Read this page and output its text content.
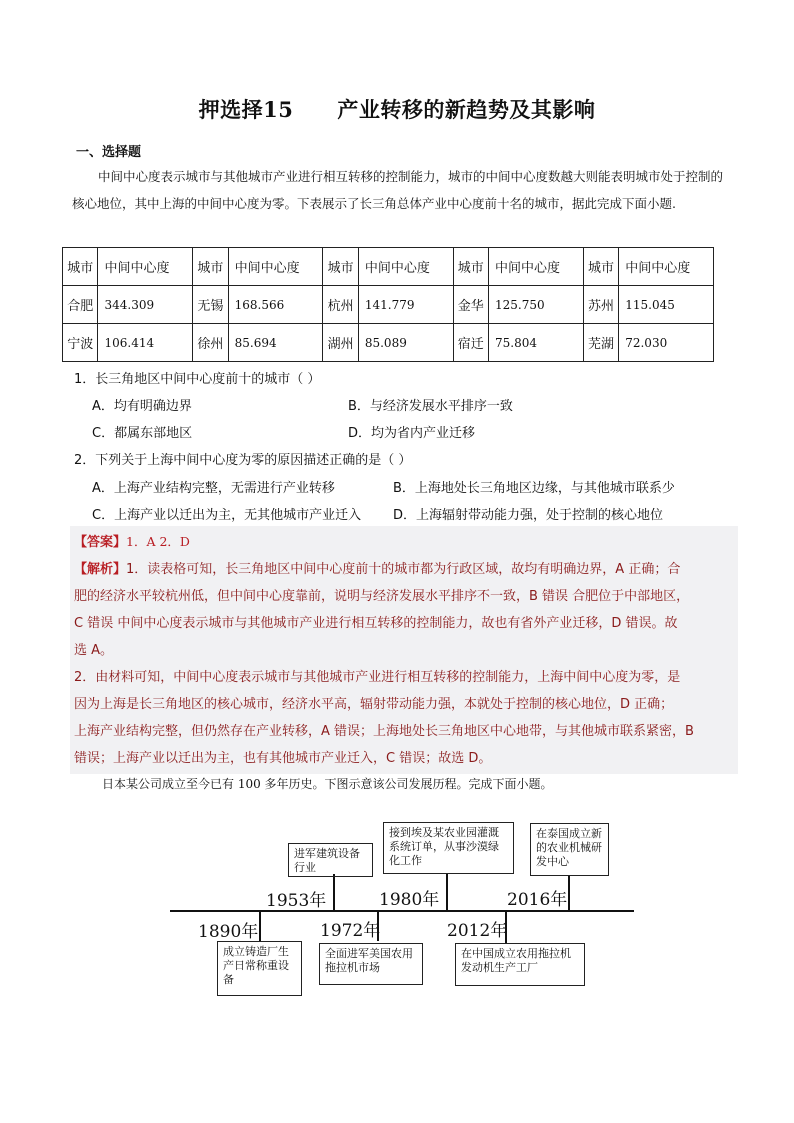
押选择15 产业转移的新趋势及其影响
一、选择题
中间中心度表示城市与其他城市产业进行相互转移的控制能力，城市的中间中心度数越大则能表明城市处于控制的核心地位，其中上海的中间中心度为零。下表展示了长三角总体产业中心度前十名的城市，据此完成下面小题.
城市	中间中心度	城市	中间中心度	城市	中间中心度	城市	中间中心度	城市	中间中心度
合肥	344.309	无锡	168.566	杭州	141.779	金华	125.750	苏州	115.045
宁波	106.414	徐州	85.694	湖州	85.089	宿迁	75.804	芜湖	72.030
1．长三角地区中间中心度前十的城市（ ）
A．均有明确边界	B．与经济发展水平排序一致
C．都属东部地区	D．均为省内产业迁移
2．下列关于上海中间中心度为零的原因描述正确的是（ ）
A．上海产业结构完整，无需进行产业转移	B．上海地处长三角地区边缘，与其他城市联系少
C．上海产业以迁出为主，无其他城市产业迁入 D．上海辐射带动能力强，处于控制的核心地位
【答案】1．A 2．D
【解析】1．读表格可知，长三角地区中间中心度前十的城市都为行政区域，故均有明确边界，A 正确；合
肥的经济水平较杭州低，但中间中心度靠前，说明与经济发展水平排序不一致，B 错误 合肥位于中部地区，
C 错误 中间中心度表示城市与其他城市产业进行相互转移的控制能力，故也有省外产业迁移，D 错误。故
选 A。
2．由材料可知，中间中心度表示城市与其他城市产业进行相互转移的控制能力，上海中间中心度为零，是
因为上海是长三角地区的核心城市，经济水平高，辐射带动能力强，本就处于控制的核心地位，D 正确；
上海产业结构完整，但仍然存在产业转移，A 错误；上海地处长三角地区中心地带，与其他城市联系紧密，B
错误；上海产业以迁出为主，也有其他城市产业迁入，C 错误；故选 D。
日本某公司成立至今已有 100 多年历史。下图示意该公司发展历程。完成下面小题。
1953年
进军建筑设备行业
1980年
接到埃及某农业园灌溉系统订单，从事沙漠绿化工作
2016年
在泰国成立新的农业机械研发中心
1890年
成立铸造厂生产日常称重设备
1972年
全面进军美国农用拖拉机市场
2012年
在中国成立农用拖拉机发动机生产工厂
